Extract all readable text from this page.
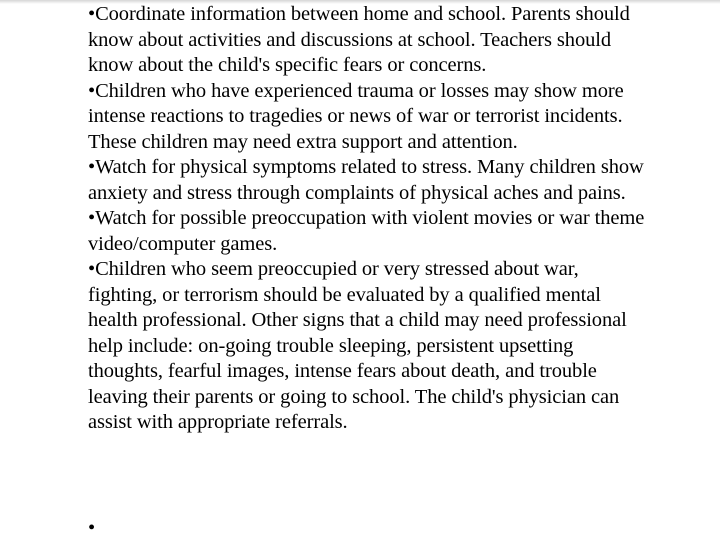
•Coordinate information between home and school. Parents should know about activities and discussions at school. Teachers should know about the child's specific fears or concerns.

•Children who have experienced trauma or losses may show more intense reactions to tragedies or news of war or terrorist incidents. These children may need extra support and attention.

•Watch for physical symptoms related to stress. Many children show anxiety and stress through complaints of physical aches and pains.

•Watch for possible preoccupation with violent movies or war theme video/computer games.

•Children who seem preoccupied or very stressed about war, fighting, or terrorism should be evaluated by a qualified mental health professional. Other signs that a child may need professional help include: on-going trouble sleeping, persistent upsetting thoughts, fearful images, intense fears about death, and trouble leaving their parents or going to school. The child's physician can assist with appropriate referrals.

•                              
